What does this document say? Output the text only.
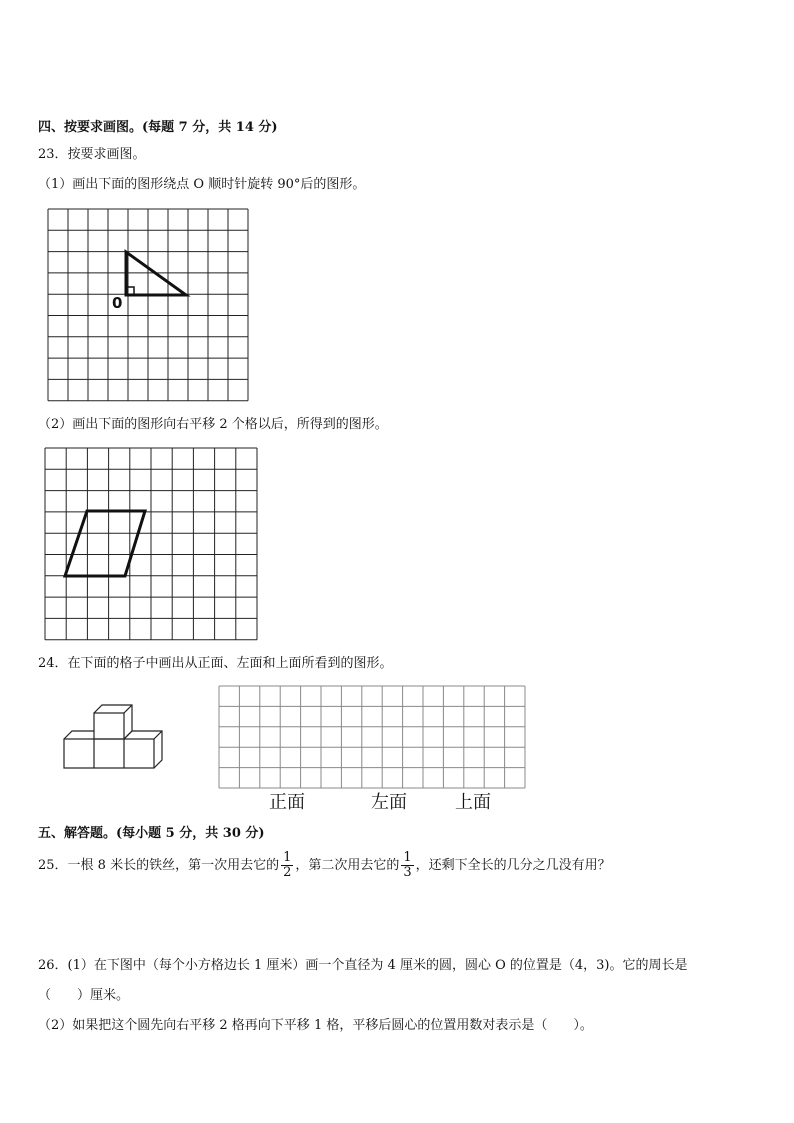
四、按要求画图。(每题 7 分，共 14 分)
23．按要求画图。
（1）画出下面的图形绕点 O 顺时针旋转 90°后的图形。
0
（2）画出下面的图形向右平移 2 个格以后，所得到的图形。
24．在下面的格子中画出从正面、左面和上面所看到的图形。
正面	左面	上面
五、解答题。(每小题 5 分，共 30 分)
25．一根 8 米长的铁丝，第一次用去它的 $\frac{1}{2}$ ，第二次用去它的 $\frac{1}{3}$ ，还剩下全长的几分之几没有用？
26．(1）在下图中（每个小方格边长 1 厘米）画一个直径为 4 厘米的圆，圆心 O 的位置是（4，3)。它的周长是
（　　）厘米。
（2）如果把这个圆先向右平移 2 格再向下平移 1 格，平移后圆心的位置用数对表示是（　　）。
